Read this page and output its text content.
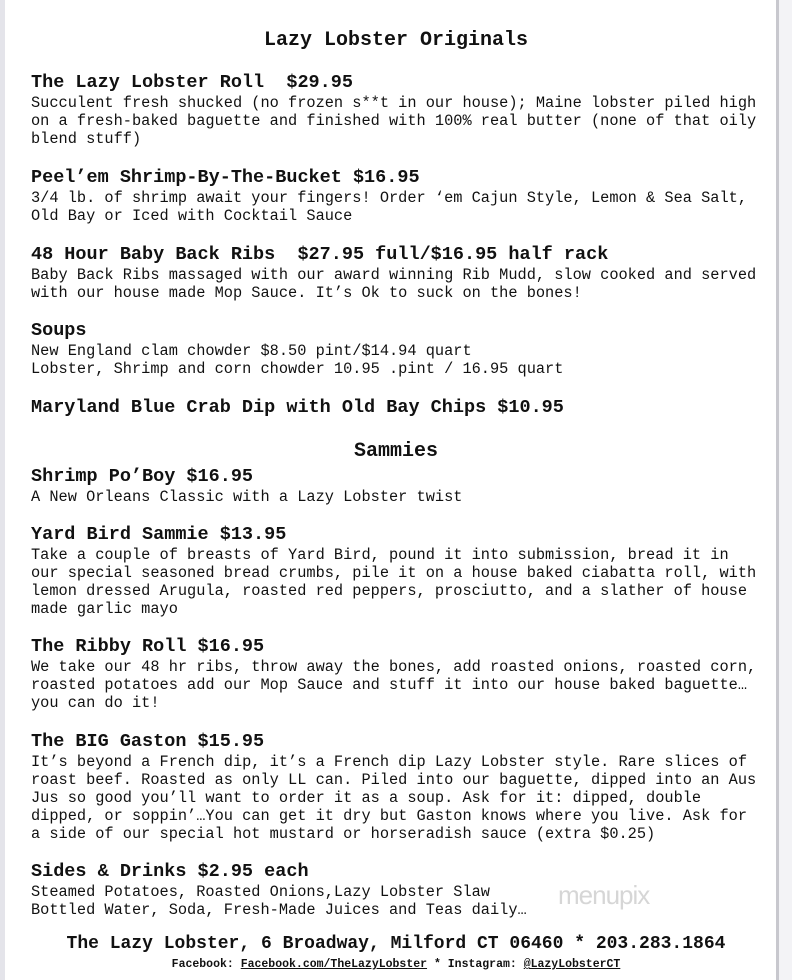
Lazy Lobster Originals
The Lazy Lobster Roll  $29.95
Succulent fresh shucked (no frozen s**t in our house); Maine lobster piled high
on a fresh-baked baguette and finished with 100% real butter (none of that oily
blend stuff)
Peel’em Shrimp-By-The-Bucket $16.95
3/4 lb. of shrimp await your fingers! Order ‘em Cajun Style, Lemon & Sea Salt,
Old Bay or Iced with Cocktail Sauce
48 Hour Baby Back Ribs  $27.95 full/$16.95 half rack
Baby Back Ribs massaged with our award winning Rib Mudd, slow cooked and served
with our house made Mop Sauce. It’s Ok to suck on the bones!
Soups
New England clam chowder $8.50 pint/$14.94 quart
Lobster, Shrimp and corn chowder 10.95 .pint / 16.95 quart
Maryland Blue Crab Dip with Old Bay Chips $10.95
Sammies
Shrimp Po’Boy $16.95
A New Orleans Classic with a Lazy Lobster twist
Yard Bird Sammie $13.95
Take a couple of breasts of Yard Bird, pound it into submission, bread it in
our special seasoned bread crumbs, pile it on a house baked ciabatta roll, with
lemon dressed Arugula, roasted red peppers, prosciutto, and a slather of house
made garlic mayo
The Ribby Roll $16.95
We take our 48 hr ribs, throw away the bones, add roasted onions, roasted corn,
roasted potatoes add our Mop Sauce and stuff it into our house baked baguette…
you can do it!
The BIG Gaston $15.95
It’s beyond a French dip, it’s a French dip Lazy Lobster style. Rare slices of
roast beef. Roasted as only LL can. Piled into our baguette, dipped into an Aus
Jus so good you’ll want to order it as a soup. Ask for it: dipped, double
dipped, or soppin’…You can get it dry but Gaston knows where you live. Ask for
a side of our special hot mustard or horseradish sauce (extra $0.25)
Sides & Drinks $2.95 each
Steamed Potatoes, Roasted Onions,Lazy Lobster Slaw
Bottled Water, Soda, Fresh-Made Juices and Teas daily…	menupix
The Lazy Lobster, 6 Broadway, Milford CT 06460 * 203.283.1864
Facebook: Facebook.com/TheLazyLobster * Instagram: @LazyLobsterCT
